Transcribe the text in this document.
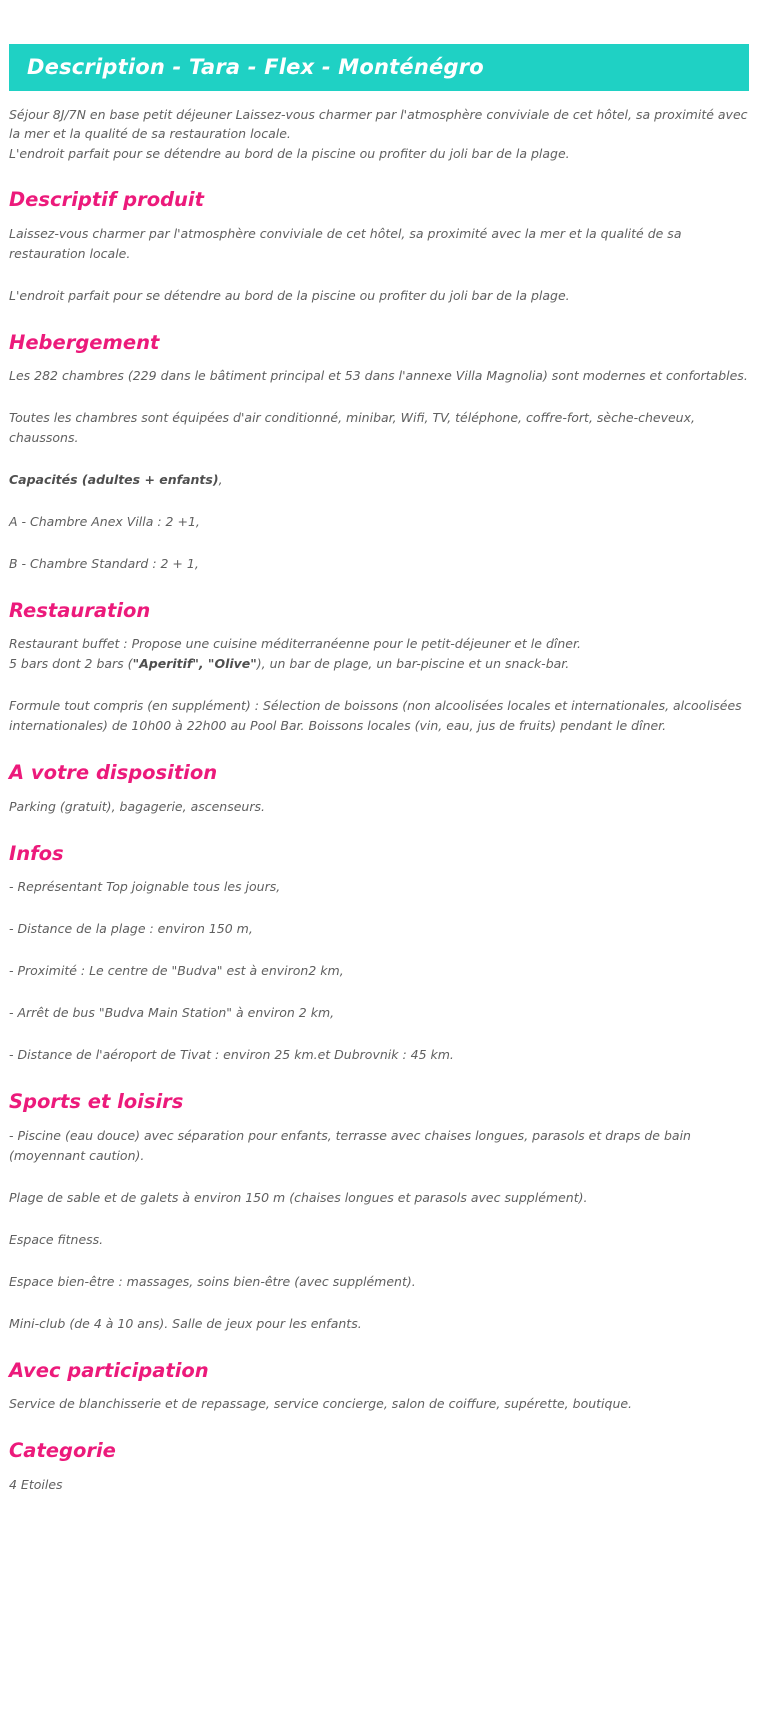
Description - Tara - Flex - Monténégro

Séjour 8J/7N en base petit déjeuner Laissez-vous charmer par l'atmosphère conviviale de cet hôtel, sa proximité avec la mer et la qualité de sa restauration locale.

L'endroit parfait pour se détendre au bord de la piscine ou profiter du joli bar de la plage.

Descriptif produit

Laissez-vous charmer par l'atmosphère conviviale de cet hôtel, sa proximité avec la mer et la qualité de sa restauration locale.

L'endroit parfait pour se détendre au bord de la piscine ou profiter du joli bar de la plage.

Hebergement

Les 282 chambres (229 dans le bâtiment principal et 53 dans l'annexe Villa Magnolia) sont modernes et confortables.

Toutes les chambres sont équipées d'air conditionné, minibar, Wifi, TV, téléphone, coffre-fort, sèche-cheveux, chaussons.

Capacités (adultes + enfants),

A - Chambre Anex Villa : 2 +1,

B - Chambre Standard : 2 + 1,

Restauration

Restaurant buffet : Propose une cuisine méditerranéenne pour le petit-déjeuner et le dîner.

5 bars dont 2 bars ("Aperitif", "Olive"), un bar de plage, un bar-piscine et un snack-bar.

Formule tout compris (en supplément) : Sélection de boissons (non alcoolisées locales et internationales, alcoolisées internationales) de 10h00 à 22h00 au Pool Bar. Boissons locales (vin, eau, jus de fruits) pendant le dîner.

A votre disposition

Parking (gratuit), bagagerie, ascenseurs.

Infos

- Représentant Top joignable tous les jours,

- Distance de la plage : environ 150 m,

- Proximité : Le centre de "Budva" est à environ2 km,

- Arrêt de bus "Budva Main Station" à environ 2 km,

- Distance de l'aéroport de Tivat : environ 25 km.et Dubrovnik : 45 km.

Sports et loisirs

- Piscine (eau douce) avec séparation pour enfants, terrasse avec chaises longues, parasols et draps de bain (moyennant caution).

Plage de sable et de galets à environ 150 m (chaises longues et parasols avec supplément).

Espace fitness.

Espace bien-être : massages, soins bien-être (avec supplément).

Mini-club (de 4 à 10 ans). Salle de jeux pour les enfants.

Avec participation

Service de blanchisserie et de repassage, service concierge, salon de coiffure, supérette, boutique.

Categorie

4 Etoiles
